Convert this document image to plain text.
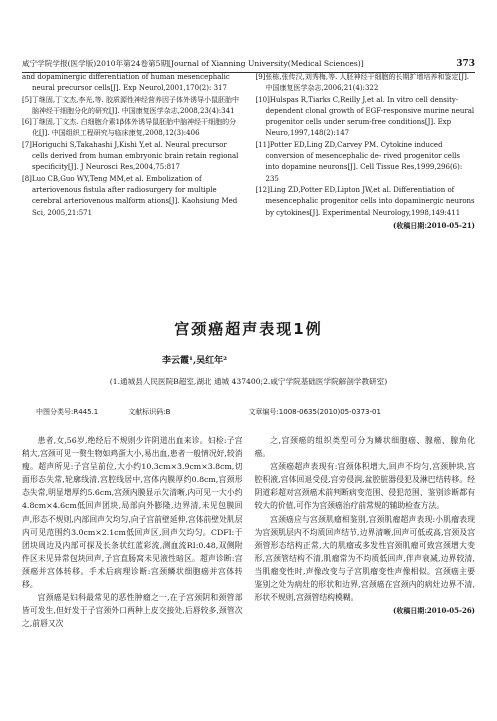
咸宁学院学报(医学版)2010年第24卷第5期[Journal of Xianning University(Medical Sciences)]	373

and dopaminergic differentiation of human mesencephalic neural precursor cells[J]. Exp Neurol,2001,170(2): 317

[5]丁继固,丁文杰,李光,等. 胶质源性神经营养因子体外诱导小鼠胚胎中脑神经干细胞分化的研究[J]. 中国康复医学杂志,2008,23(4):341

[6]丁继固,丁文杰. 白细胞介素1β体外诱导鼠胚胎中脑神经干细胞的分化[J]. 中国组织工程研究与临床康复,2008,12(3):406

[7]Horiguchi S,Takahashi J,Kishi Y,et al. Neural precursor cells derived from human embryonic brain retain regional specificity[J]. J Neurosci Res,2004,75:817

[8]Luo CB,Guo WY,Teng MM,et al. Embolization of arteriovenous fistula after radiosurgery for multiple cerebral arteriovenous malform ations[J]. Kaohsiung Med Sci, 2005,21:571

[9]张栋,张传汉,刘秀梅,等. 人胚神经干细胞的长期扩增培养和鉴定[J]. 中国康复医学杂志,2006,21(4):322

[10]Hulspas R,Tiarks C,Reilly J,et al. In vitro cell density-dependent clonal growth of EGF-responsive murine neural progenitor cells under serum-free conditions[J]. Exp Neuro,1997,148(2):147

[11]Potter ED,Ling ZD,Carvey PM. Cytokine induced conversion of mesencephalic de- rived progenitor cells into dopamine neurons[J]. Cell Tissue Res,1999,296(6): 235

[12]Ling ZD,Potter ED,Lipton JW,et al. Differentiation of mesencephalic progenitor cells into dopaminergic neurons by cytokines[J]. Experimental Neurology,1998,149:411

(收稿日期:2010-05-21)
宫颈癌超声表现1例
李云霞¹,吴红年²
(1.通城县人民医院B超室,湖北 通城 437400;2.咸宁学院基础医学院解剖学教研室)
中图分类号:R445.1	文献标识码:B	文章编号:1008-0635(2010)05-0373-01

患者,女,56岁,绝经后不规则少许阴道出血来诊。妇检:子宫稍大,宫颈可见一赘生物如鸡蛋大小,易出血,患者一般情况好,较消瘦。超声所见:子宫呈前位,大小约10.3cm×3.9cm×3.8cm,切面形态失常,轮廓线清,宫腔线居中,宫体内膜厚约0.8cm,宫颈形态失常,明显增厚约5.6cm,宫颈内膜显示欠清晰,内可见一大小约4.8cm×4.6cm低回声团块,局部向外膨隆,边界清,未见包膜回声,形态不规则,内部回声欠均匀,向子宫前壁延伸,宫体前壁处肌层内可见范围约3.0cm×2.1cm低回声区,回声欠均匀。CDFI:于团块周边及内部可探及长条状红蓝彩流,测血流RI:0.48,双侧附件区未见异常包块回声,子宫直肠窝未见液性暗区。超声诊断:宫颈癌并宫体转移。手术后病理诊断:宫颈鳞状细胞癌并宫体转移。

宫颈癌是妇科最常见的恶性肿瘤之一,在子宫颈阴和颈管部皆可发生,但好发于子宫颈外口两种上皮交接处,后唇较多,颈管次之,前唇又次

之,宫颈癌的组织类型可分为鳞状细胞癌、腺癌、腺角化癌。

宫颈癌超声表现有:宫颈体积增大,回声不均匀,宫颈肿块,宫腔积液,宫体回退受侵,宫旁侵润,盆腔脏器侵犯及淋巴结转移。经阴道彩超对宫颈癌术前判断病变范围、侵犯范围、鉴别诊断都有较大的价值,可作为宫颈癌治疗前常规的辅助检查方法。

宫颈癌应与宫颈肌瘤相鉴别,宫颈肌瘤超声表现:小肌瘤表现为宫颈肌层内不均质回声结节,边界清晰,回声可低或高,宫颈及宫颈管形态结构正常,大的肌瘤或多发性宫颈肌瘤可致宫颈增大变形,宫颈管结构不清,肌瘤常为不均质低回声,伴声衰减,边界较清,当肌瘤变性时,声像改变与子宫肌瘤变性声像相似。宫颈癌主要鉴别之处为病灶的形状和边界,宫颈癌在宫颈内的病灶边界不清,形状不规则,宫颈管结构模糊。

(收稿日期:2010-05-26)
